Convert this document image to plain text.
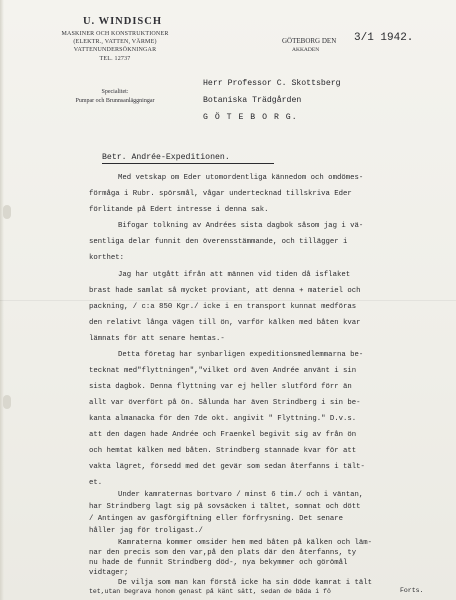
U. WINDISCH
MASKINER OCH KONSTRUKTIONER
(ELEKTR., VATTEN, VÄRME)
VATTENUNDERSÖKNINGAR
TEL. 12737
Specialitet:
Pumpar och Brunnsanläggningar
GÖTEBORG DEN 3/1 1942.
AKKADEN
Herr Professor C. Skottsberg
Botaniska Trädgården
G Ö T E B O R G.
Betr. Andrée-Expeditionen.
Med vetskap om Eder utomordentliga kännedom och omdömes-
förmåga i Rubr. spörsmål, vågar undertecknad tillskriva Eder
förlitande på Edert intresse i denna sak.
Bifogar tolkning av Andrées sista dagbok såsom jag i vä-
sentliga delar funnit den överensstämmande, och tillägger i
korthet:
Jag har utgått ifrån att männen vid tiden då isflaket
brast hade samlat så mycket proviant, att denna + materiel och
packning, / c:a 850 Kgr./ icke i en transport kunnat medföras
den relativt långa vägen till ön, varför kälken med båten kvar
lämnats för att senare hemtas.-
Detta företag har synbarligen expeditionsmedlemmarna be-
tecknat med"flyttningen","vilket ord även Andrée använt i sin
sista dagbok. Denna flyttning var ej heller slutförd förr än
allt var överfört på ön. Sålunda har även Strindberg i sin be-
kanta almanacka för den 7de okt. angivit " Flyttning." D.v.s.
att den dagen hade Andrée och Fraenkel begivit sig av från ön
och hemtat kälken med båten. Strindberg stannade kvar för att
vakta lägret, försedd med det gevär som sedan återfanns i tält-
et.
Under kamraternas bortvaro / minst 6 tim./ och i väntan,
har Strindberg lagt sig på sovsäcken i tältet, somnat och dött
/ Antingen av gasförgiftning eller förfrysning. Det senare
håller jag för troligast./
Kamraterna kommer omsider hem med båten på kälken och läm-
nar den precis som den var,på den plats där den återfanns, ty
nu hade de funnit Strindberg död-, nya bekymmer och görömål
vidtager;
De vilja som man kan förstå icke ha sin döde kamrat i tält
tet,utan begrava honom genast på känt sätt, sedan de båda i fö	Forts.
